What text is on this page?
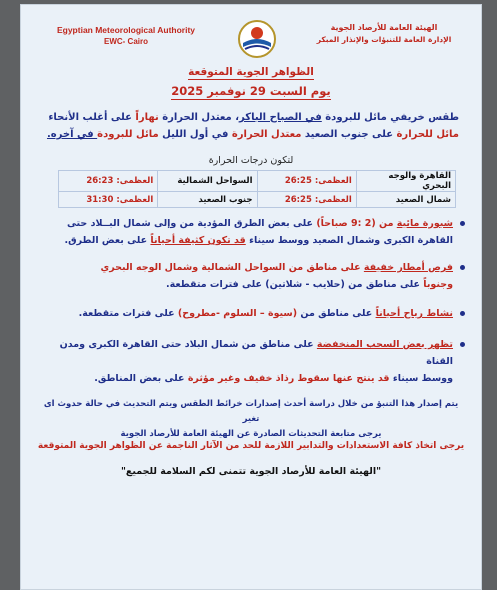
Egyptian Meteorological Authority
EWC- Cairo
الهيئة العامة للأرصاد الجوية
الإدارة العامة للتنبؤات والإنذار المبكر
الظواهر الجوية المتوقعة
يوم السبت 29 نوفمبر 2025
طقس خريفي مائل للبرودة في الصباح الباكر، معتدل الحرارة نهاراً على أغلب الأنحاء
مائل للحرارة على جنوب الصعيد معتدل الحرارة في أول الليل مائل للبرودة في آخره.
لتكون درجات الحرارة
القاهرة والوجه البحري	العظمى: 26:25	السواحل الشمالية	العظمى: 26:23
شمال الصعيد	العظمى: 26:25	جنوب الصعيد	العظمى: 31:30
شبورة مائية من (2 :9 صباحاً) على بعض الطرق المؤدية من وإلى شمال البــلاد حتى
القاهرة الكبرى وشمال الصعيد ووسط سيناء قد تكون كثيفة أحياناً على بعض الطرق.
فرص أمطار خفيفة على مناطق من السواحل الشمالية وشمال الوجه البحري
وجنوباً على مناطق من (حلايب - شلاتين) على فترات متقطعة.
نشاط رياح أحياناً على مناطق من (سيوة – السلوم -مطروح) على فترات متقطعة.
تظهر بعض السحب المنخفضة على مناطق من شمال البلاد حتى القاهرة الكبرى ومدن القناة
ووسط سيناء قد ينتج عنها سقوط رذاذ خفيف وغير مؤثرة على بعض المناطق.
يتم إصدار هذا التنبؤ من خلال دراسة أحدث إصدارات خرائط الطقس ويتم التحديث في حالة حدوث اى تغير
يرجى متابعة التحديثات الصادرة عن الهيئة العامة للأرصاد الجوية
يرجى اتخاذ كافة الاستعدادات والتدابير اللازمة للحد من الآثار الناجمة عن الظواهر الجوية المتوقعة
"الهيئة العامة للأرصاد الجوية تتمنى لكم السلامة للجميع"
